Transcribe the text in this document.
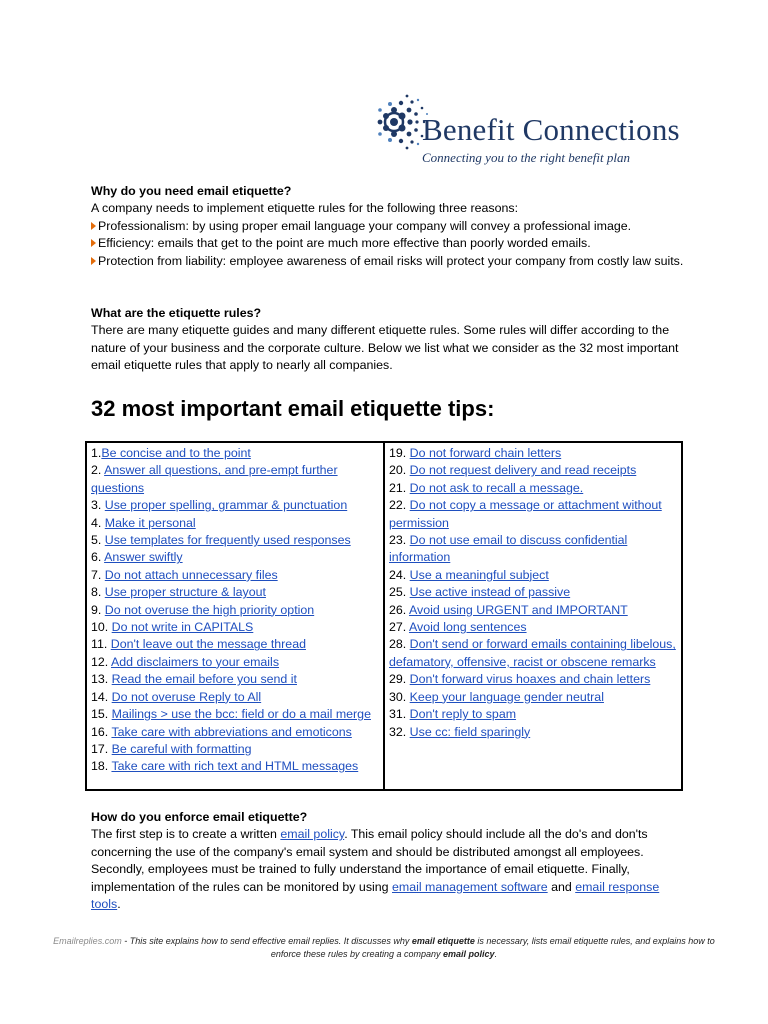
Benefit Connections
Connecting you to the right benefit plan

Why do you need email etiquette?

A company needs to implement etiquette rules for the following three reasons:

Professionalism: by using proper email language your company will convey a professional image.

Efficiency: emails that get to the point are much more effective than poorly worded emails.

Protection from liability: employee awareness of email risks will protect your company from costly law suits.

What are the etiquette rules?

There are many etiquette guides and many different etiquette rules. Some rules will differ according to the nature of your business and the corporate culture. Below we list what we consider as the 32 most important email etiquette rules that apply to nearly all companies.

32 most important email etiquette tips:
1.Be concise and to the point
2. Answer all questions, and pre-empt further questions
3. Use proper spelling, grammar & punctuation
4. Make it personal
5. Use templates for frequently used responses
6. Answer swiftly
7. Do not attach unnecessary files
8. Use proper structure & layout
9. Do not overuse the high priority option
10. Do not write in CAPITALS
11. Don't leave out the message thread
12. Add disclaimers to your emails
13. Read the email before you send it
14. Do not overuse Reply to All
15. Mailings > use the bcc: field or do a mail merge
16. Take care with abbreviations and emoticons
17. Be careful with formatting
18. Take care with rich text and HTML messages

19. Do not forward chain letters
20. Do not request delivery and read receipts
21. Do not ask to recall a message.
22. Do not copy a message or attachment without permission
23. Do not use email to discuss confidential information
24. Use a meaningful subject
25. Use active instead of passive
26. Avoid using URGENT and IMPORTANT
27. Avoid long sentences
28. Don't send or forward emails containing libelous, defamatory, offensive, racist or obscene remarks
29. Don't forward virus hoaxes and chain letters
30. Keep your language gender neutral
31. Don't reply to spam
32. Use cc: field sparingly

How do you enforce email etiquette?

The first step is to create a written email policy. This email policy should include all the do's and don'ts concerning the use of the company's email system and should be distributed amongst all employees. Secondly, employees must be trained to fully understand the importance of email etiquette. Finally, implementation of the rules can be monitored by using email management software and email response tools.

Emailreplies.com - This site explains how to send effective email replies. It discusses why email etiquette is necessary, lists email etiquette rules, and explains how to enforce these rules by creating a company email policy.
